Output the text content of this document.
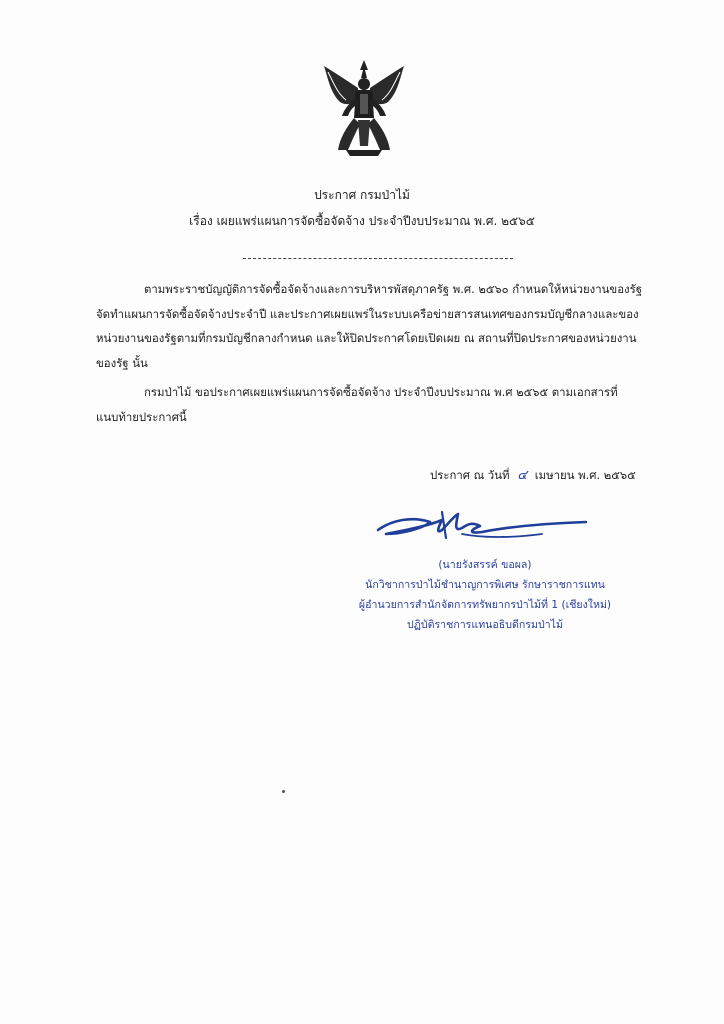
ประกาศ กรมป่าไม้
เรื่อง เผยแพร่แผนการจัดซื้อจัดจ้าง ประจำปีงบประมาณ พ.ศ. ๒๕๖๕
ตามพระราชบัญญัติการจัดซื้อจัดจ้างและการบริหารพัสดุภาครัฐ พ.ศ. ๒๕๖๐ กำหนดให้หน่วยงานของรัฐ
จัดทำแผนการจัดซื้อจัดจ้างประจำปี และประกาศเผยแพร่ในระบบเครือข่ายสารสนเทศของกรมบัญชีกลางและของ
หน่วยงานของรัฐตามที่กรมบัญชีกลางกำหนด และให้ปิดประกาศโดยเปิดเผย ณ สถานที่ปิดประกาศของหน่วยงาน
ของรัฐ นั้น
กรมป่าไม้ ขอประกาศเผยแพร่แผนการจัดซื้อจัดจ้าง ประจำปีงบประมาณ พ.ศ ๒๕๖๕ ตามเอกสารที่
แนบท้ายประกาศนี้
ประกาศ ณ วันที่ ๔ เมษายน พ.ศ. ๒๕๖๕
(นายรังสรรค์ ขอผล)
นักวิชาการป่าไม้ชำนาญการพิเศษ รักษาราชการแทน
ผู้อำนวยการสำนักจัดการทรัพยากรป่าไม้ที่ 1 (เชียงใหม่)
ปฏิบัติราชการแทนอธิบดีกรมป่าไม้
